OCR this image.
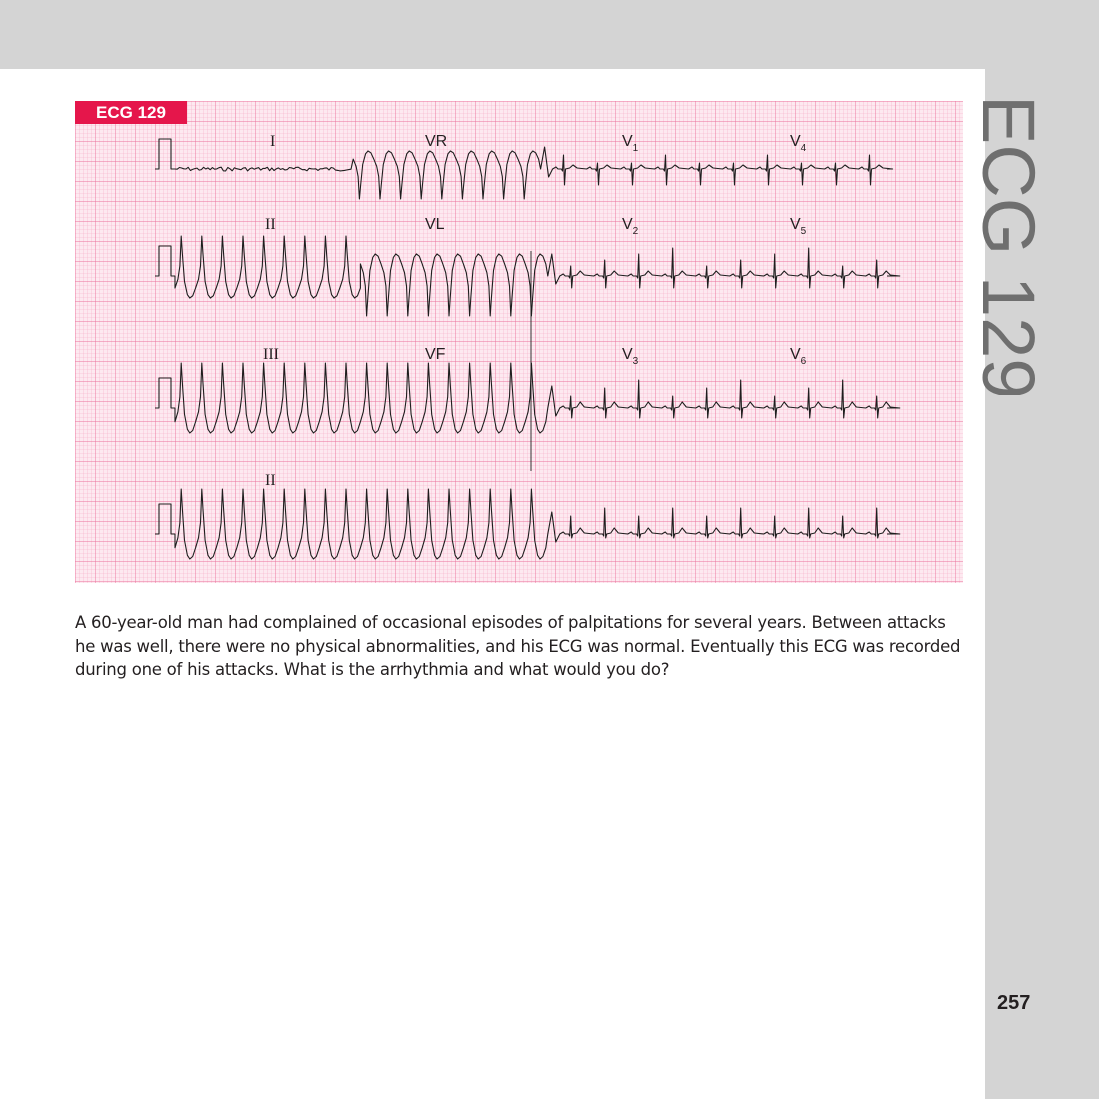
ECG 129
I	VR	$V_1$	$V_4$
II	VL	$V_2$	$V_5$
III	VF	$V_3$	$V_6$
II
ECG 129
A 60-year-old man had complained of occasional episodes of palpitations for several years. Between attacks he was well, there were no physical abnormalities, and his ECG was normal. Eventually this ECG was recorded during one of his attacks. What is the arrhythmia and what would you do?
257
